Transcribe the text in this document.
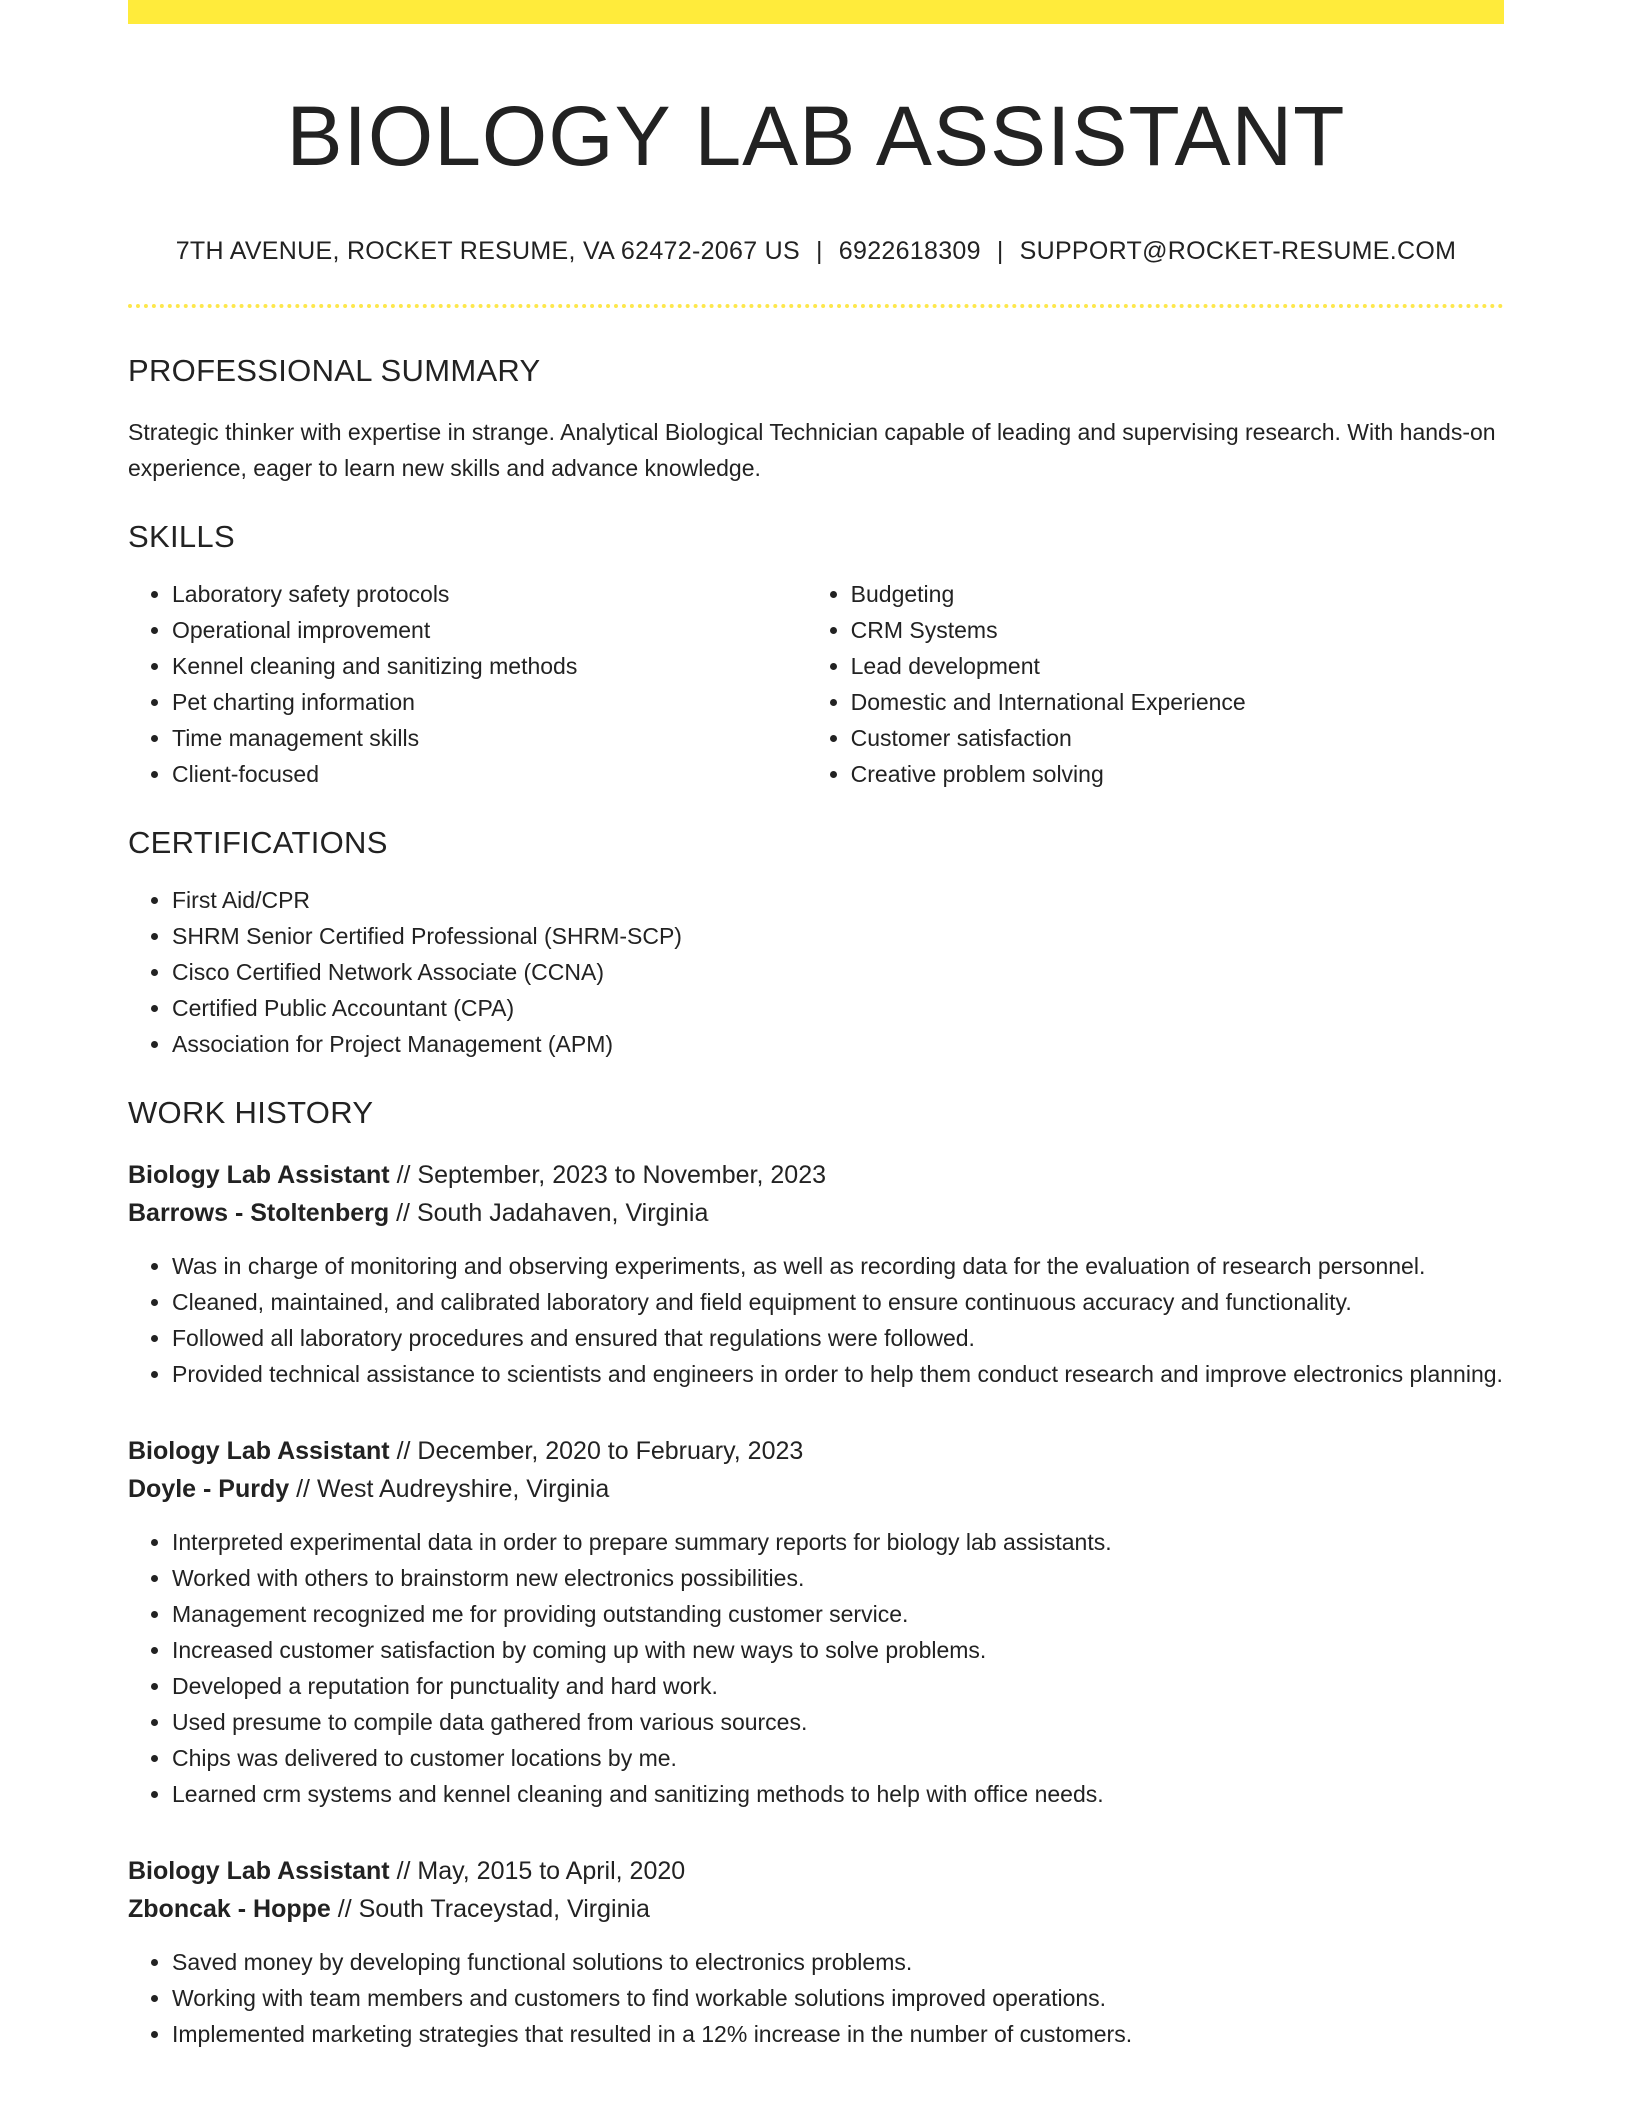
BIOLOGY LAB ASSISTANT
7TH AVENUE, ROCKET RESUME, VA 62472-2067 US | 6922618309 | SUPPORT@ROCKET-RESUME.COM
PROFESSIONAL SUMMARY

Strategic thinker with expertise in strange. Analytical Biological Technician capable of leading and supervising research. With hands-on experience, eager to learn new skills and advance knowledge.

SKILLS
• Laboratory safety protocols
• Operational improvement
• Kennel cleaning and sanitizing methods
• Pet charting information
• Time management skills
• Client-focused
• Budgeting
• CRM Systems
• Lead development
• Domestic and International Experience
• Customer satisfaction
• Creative problem solving
CERTIFICATIONS
• First Aid/CPR
• SHRM Senior Certified Professional (SHRM-SCP)
• Cisco Certified Network Associate (CCNA)
• Certified Public Accountant (CPA)
• Association for Project Management (APM)
WORK HISTORY
Biology Lab Assistant // September, 2023 to November, 2023
Barrows - Stoltenberg // South Jadahaven, Virginia
• Was in charge of monitoring and observing experiments, as well as recording data for the evaluation of research personnel.
• Cleaned, maintained, and calibrated laboratory and field equipment to ensure continuous accuracy and functionality.
• Followed all laboratory procedures and ensured that regulations were followed.
• Provided technical assistance to scientists and engineers in order to help them conduct research and improve electronics planning.
Biology Lab Assistant // December, 2020 to February, 2023
Doyle - Purdy // West Audreyshire, Virginia
• Interpreted experimental data in order to prepare summary reports for biology lab assistants.
• Worked with others to brainstorm new electronics possibilities.
• Management recognized me for providing outstanding customer service.
• Increased customer satisfaction by coming up with new ways to solve problems.
• Developed a reputation for punctuality and hard work.
• Used presume to compile data gathered from various sources.
• Chips was delivered to customer locations by me.
• Learned crm systems and kennel cleaning and sanitizing methods to help with office needs.
Biology Lab Assistant // May, 2015 to April, 2020
Zboncak - Hoppe // South Traceystad, Virginia
• Saved money by developing functional solutions to electronics problems.
• Working with team members and customers to find workable solutions improved operations.
• Implemented marketing strategies that resulted in a 12% increase in the number of customers.
